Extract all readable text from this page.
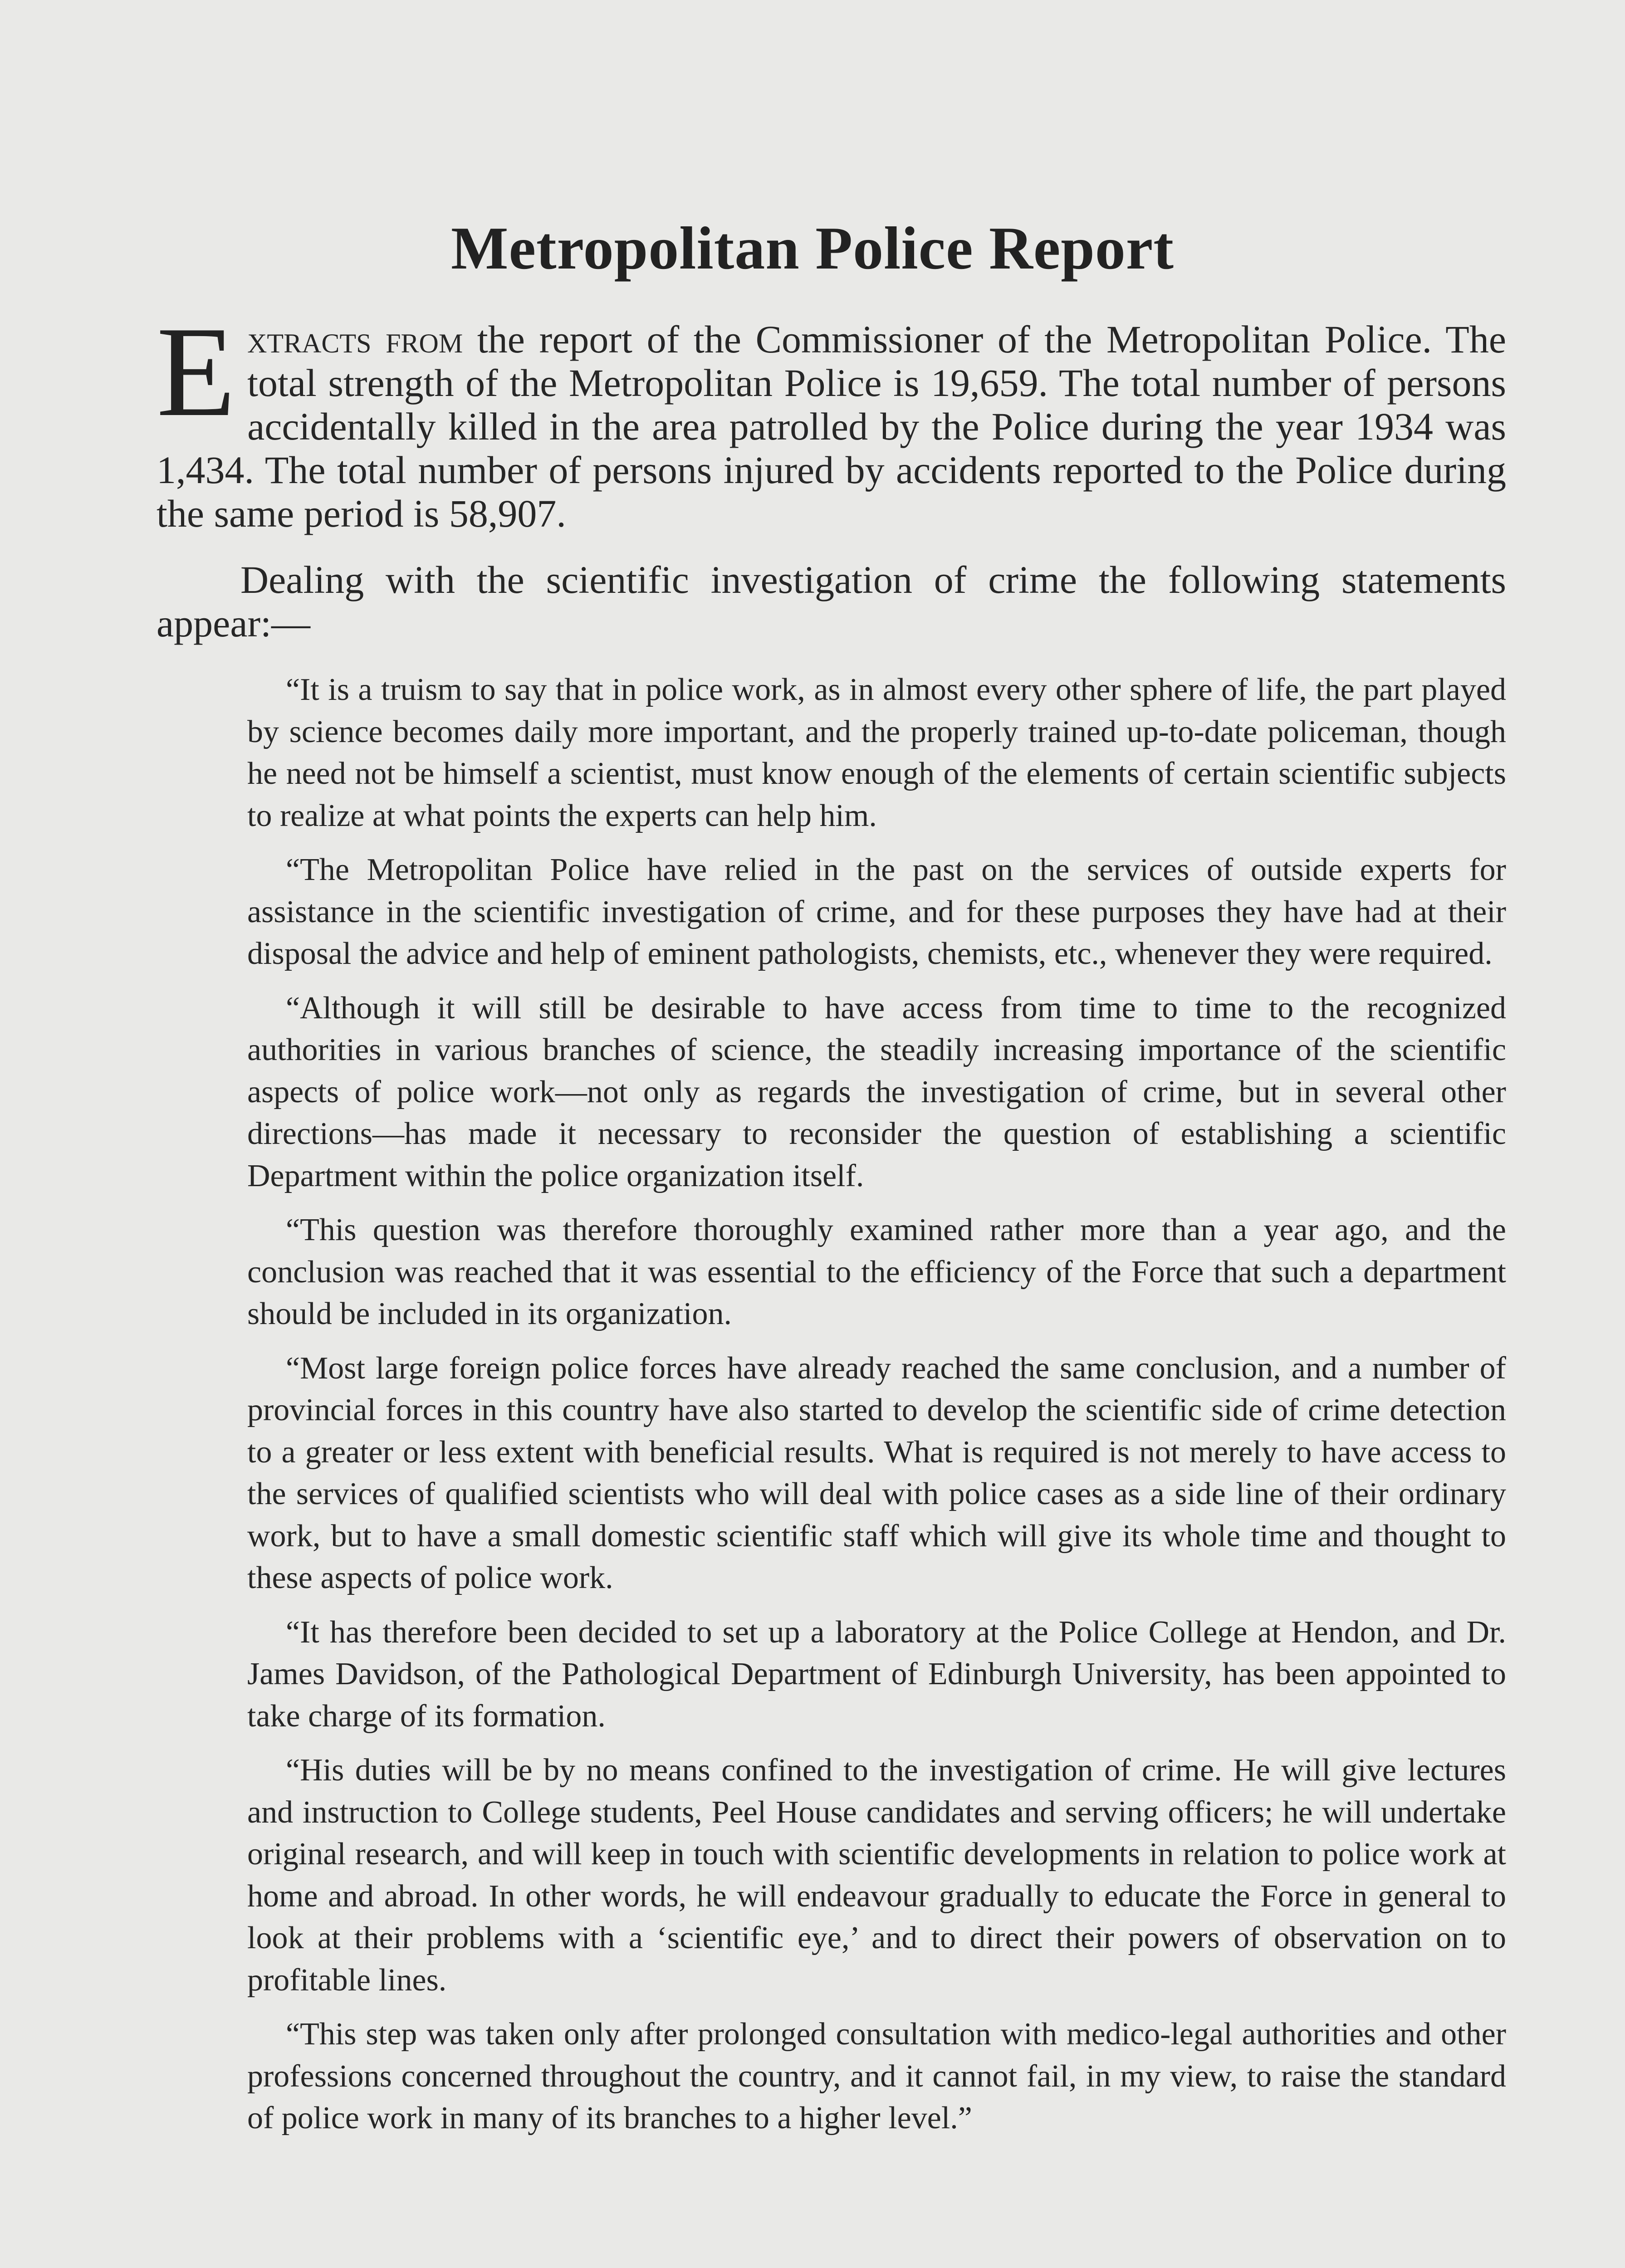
Metropolitan Police Report

Extracts from the report of the Commissioner of the Metropolitan Police. The total strength of the Metropolitan Police is 19,659. The total number of persons accidentally killed in the area patrolled by the Police during the year 1934 was 1,434. The total number of persons injured by accidents reported to the Police during the same period is 58,907.

Dealing with the scientific investigation of crime the following statements appear:—

“It is a truism to say that in police work, as in almost every other sphere of life, the part played by science becomes daily more important, and the properly trained up-to-date policeman, though he need not be himself a scientist, must know enough of the elements of certain scientific subjects to realize at what points the experts can help him.

“The Metropolitan Police have relied in the past on the services of outside experts for assistance in the scientific investigation of crime, and for these purposes they have had at their disposal the advice and help of eminent pathologists, chemists, etc., whenever they were required.

“Although it will still be desirable to have access from time to time to the recognized authorities in various branches of science, the steadily increasing importance of the scientific aspects of police work—not only as regards the investigation of crime, but in several other directions—has made it necessary to reconsider the question of establishing a scientific Department within the police organization itself.

“This question was therefore thoroughly examined rather more than a year ago, and the conclusion was reached that it was essential to the efficiency of the Force that such a department should be included in its organization.

“Most large foreign police forces have already reached the same conclusion, and a number of provincial forces in this country have also started to develop the scientific side of crime detection to a greater or less extent with beneficial results. What is required is not merely to have access to the services of qualified scientists who will deal with police cases as a side line of their ordinary work, but to have a small domestic scientific staff which will give its whole time and thought to these aspects of police work.

“It has therefore been decided to set up a laboratory at the Police College at Hendon, and Dr. James Davidson, of the Pathological Department of Edinburgh University, has been appointed to take charge of its formation.

“His duties will be by no means confined to the investigation of crime. He will give lectures and instruction to College students, Peel House candidates and serving officers; he will undertake original research, and will keep in touch with scientific developments in relation to police work at home and abroad. In other words, he will endeavour gradually to educate the Force in general to look at their problems with a ‘scientific eye,’ and to direct their powers of observation on to profitable lines.

“This step was taken only after prolonged consultation with medico-legal authorities and other professions concerned throughout the country, and it cannot fail, in my view, to raise the standard of police work in many of its branches to a higher level.”
